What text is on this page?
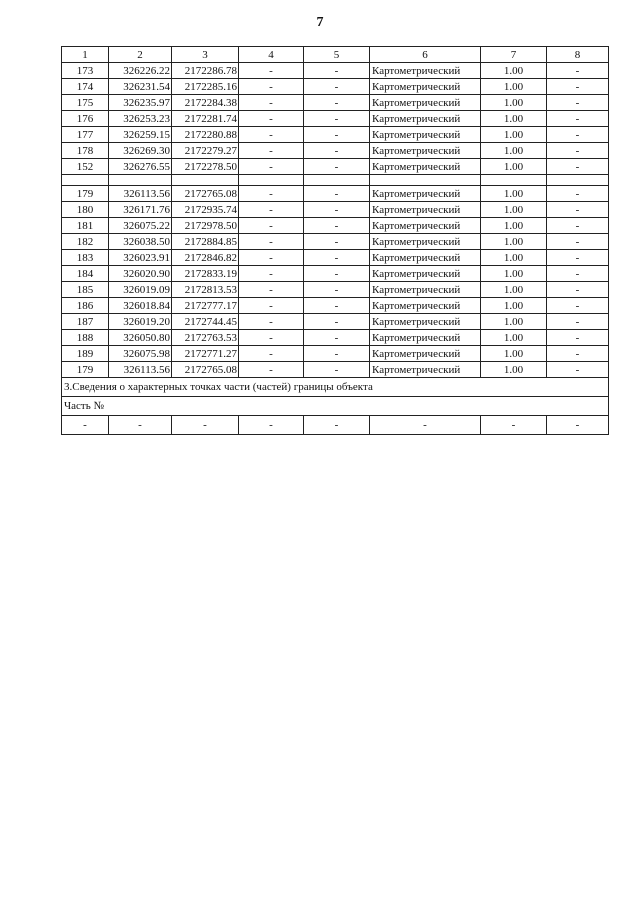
7
1	2	3	4	5	6	7	8
173	326226.22	2172286.78	-	-	Картометрический	1.00	-
174	326231.54	2172285.16	-	-	Картометрический	1.00	-
175	326235.97	2172284.38	-	-	Картометрический	1.00	-
176	326253.23	2172281.74	-	-	Картометрический	1.00	-
177	326259.15	2172280.88	-	-	Картометрический	1.00	-
178	326269.30	2172279.27	-	-	Картометрический	1.00	-
152	326276.55	2172278.50	-	-	Картометрический	1.00	-

179	326113.56	2172765.08	-	-	Картометрический	1.00	-
180	326171.76	2172935.74	-	-	Картометрический	1.00	-
181	326075.22	2172978.50	-	-	Картометрический	1.00	-
182	326038.50	2172884.85	-	-	Картометрический	1.00	-
183	326023.91	2172846.82	-	-	Картометрический	1.00	-
184	326020.90	2172833.19	-	-	Картометрический	1.00	-
185	326019.09	2172813.53	-	-	Картометрический	1.00	-
186	326018.84	2172777.17	-	-	Картометрический	1.00	-
187	326019.20	2172744.45	-	-	Картометрический	1.00	-
188	326050.80	2172763.53	-	-	Картометрический	1.00	-
189	326075.98	2172771.27	-	-	Картометрический	1.00	-
179	326113.56	2172765.08	-	-	Картометрический	1.00	-
3.Сведения о характерных точках части (частей) границы объекта							
Часть №							
-	-	-	-	-	-	-	-
